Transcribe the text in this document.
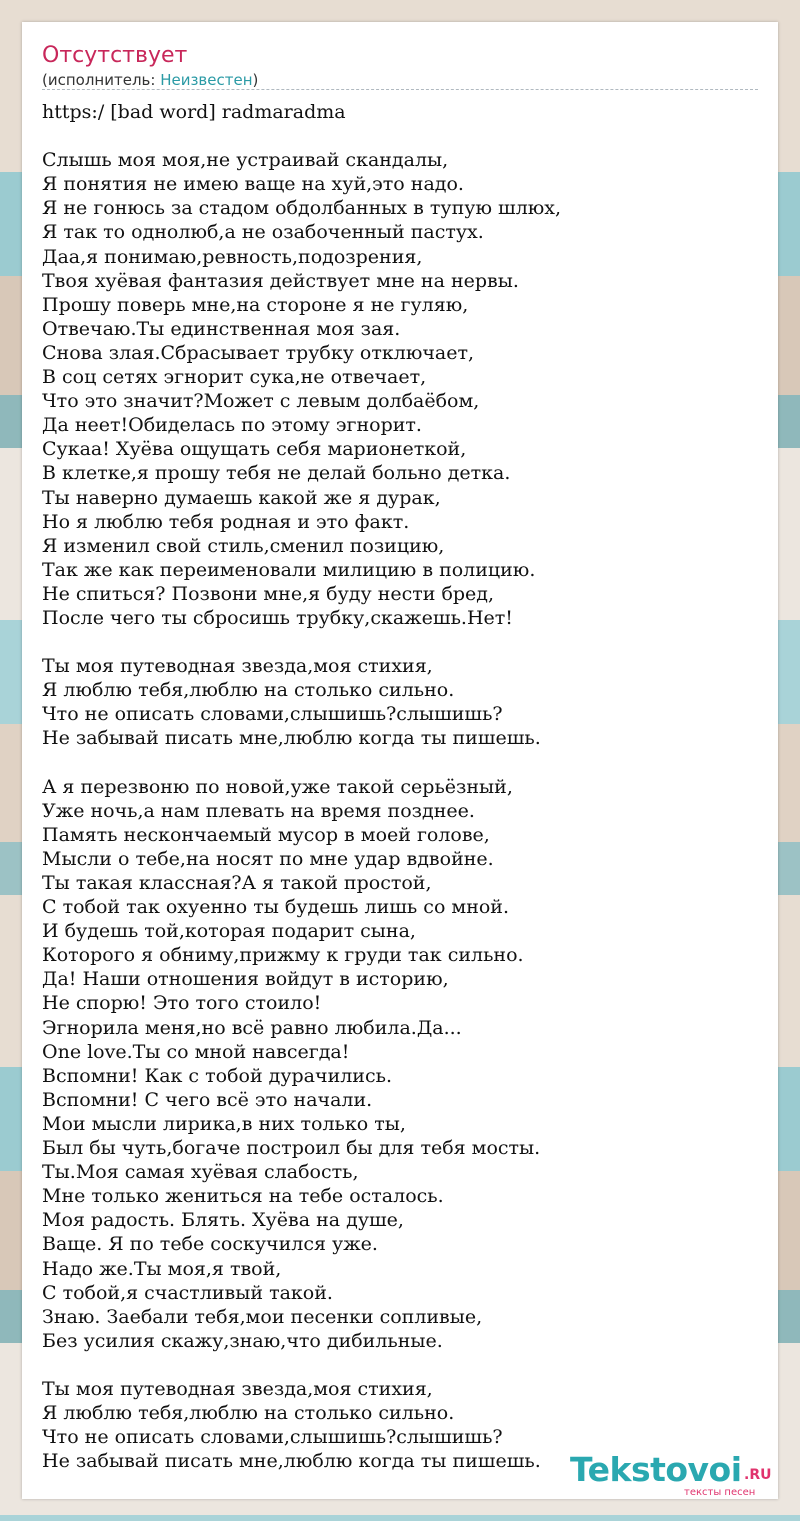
Отсутствует
(исполнитель: Неизвестен)
https:/ [bad word] radmaradma

Слышь моя моя,не устраивай скандалы,
Я понятия не имею ваще на хуй,это надо.
Я не гонюсь за стадом обдолбанных в тупую шлюх,
Я так то однолюб,а не озабоченный пастух.
Даа,я понимаю,ревность,подозрения,
Твоя хуёвая фантазия действует мне на нервы.
Прошу поверь мне,на стороне я не гуляю,
Отвечаю.Ты единственная моя зая.
Снова злая.Сбрасывает трубку отключает,
В соц сетях эгнорит сука,не отвечает,
Что это значит?Может с левым долбаёбом,
Да неет!Обиделась по этому эгнорит.
Сукаа! Хуёва ощущать себя марионеткой,
В клетке,я прошу тебя не делай больно детка.
Ты наверно думаешь какой же я дурак,
Но я люблю тебя родная и это факт.
Я изменил свой стиль,сменил позицию,
Так же как переименовали милицию в полицию.
Не спиться? Позвони мне,я буду нести бред,
После чего ты сбросишь трубку,скажешь.Нет!

Ты моя путеводная звезда,моя стихия,
Я люблю тебя,люблю на столько сильно.
Что не описать словами,слышишь?слышишь?
Не забывай писать мне,люблю когда ты пишешь.

А я перезвоню по новой,уже такой серьёзный,
Уже ночь,а нам плевать на время позднее.
Память нескончаемый мусор в моей голове,
Мысли о тебе,на носят по мне удар вдвойне.
Ты такая классная?А я такой простой,
С тобой так охуенно ты будешь лишь со мной.
И будешь той,которая подарит сына,
Которого я обниму,прижму к груди так сильно.
Да! Наши отношения войдут в историю,
Не спорю! Это того стоило!
Эгнорила меня,но всё равно любила.Да...
One love.Ты со мной навсегда!
Вспомни! Как с тобой дурачились.
Вспомни! С чего всё это начали.
Мои мысли лирика,в них только ты,
Был бы чуть,богаче построил бы для тебя мосты.
Ты.Моя самая хуёвая слабость,
Мне только жениться на тебе осталось.
Моя радость. Блять. Хуёва на душе,
Ваще. Я по тебе соскучился уже.
Надо же.Ты моя,я твой,
С тобой,я счастливый такой.
Знаю. Заебали тебя,мои песенки сопливые,
Без усилия скажу,знаю,что дибильные.

Ты моя путеводная звезда,моя стихия,
Я люблю тебя,люблю на столько сильно.
Что не описать словами,слышишь?слышишь?
Не забывай писать мне,люблю когда ты пишешь. Tekstovoi .RU
тексты песен
